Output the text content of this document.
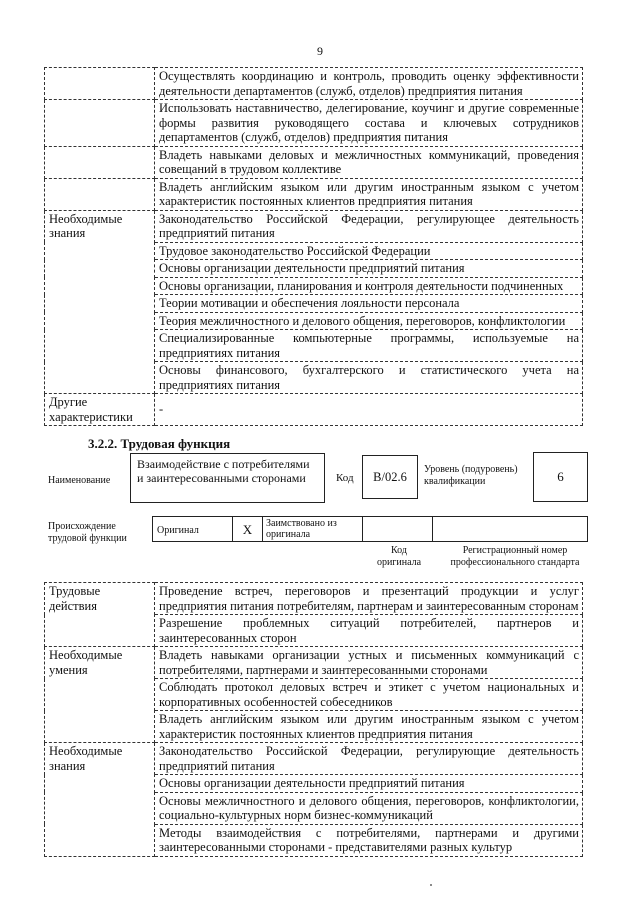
9
	Осуществлять координацию и контроль, проводить оценку эффективности деятельности департаментов (служб, отделов) предприятия питания
	Использовать наставничество, делегирование, коучинг и другие современные формы развития руководящего состава и ключевых сотрудников департаментов (служб, отделов) предприятия питания
	Владеть навыками деловых и межличностных коммуникаций, проведения совещаний в трудовом коллективе
	Владеть английским языком или другим иностранным языком с учетом характеристик постоянных клиентов предприятия питания
Необходимые знания	Законодательство Российской Федерации, регулирующее деятельность предприятий питания
	Трудовое законодательство Российской Федерации
	Основы организации деятельности предприятий питания
	Основы организации, планирования и контроля деятельности подчиненных
	Теории мотивации и обеспечения лояльности персонала
	Теория межличностного и делового общения, переговоров, конфликтологии
	Специализированные компьютерные программы, используемые на предприятиях питания
	Основы финансового, бухгалтерского и статистического учета на предприятиях питания
Другие характеристики	-
3.2.2. Трудовая функция
Наименование
Взаимодействие с потребителями и заинтересованными сторонами	Код	B/02.6	Уровень (подуровень) квалификации	6
Происхождение трудовой функции
Оригинал	X	Заимствовано из оригинала
Код оригинала
Регистрационный номер профессионального стандарта
Трудовые действия	Проведение встреч, переговоров и презентаций продукции и услуг предприятия питания потребителям, партнерам и заинтересованным сторонам
	Разрешение проблемных ситуаций потребителей, партнеров и заинтересованных сторон
Необходимые умения	Владеть навыками организации устных и письменных коммуникаций с потребителями, партнерами и заинтересованными сторонами
	Соблюдать протокол деловых встреч и этикет с учетом национальных и корпоративных особенностей собеседников
	Владеть английским языком или другим иностранным языком с учетом характеристик постоянных клиентов предприятия питания
Необходимые знания	Законодательство Российской Федерации, регулирующие деятельность предприятий питания
	Основы организации деятельности предприятий питания
	Основы межличностного и делового общения, переговоров, конфликтологии, социально-культурных норм бизнес-коммуникаций
	Методы взаимодействия с потребителями, партнерами и другими заинтересованными сторонами - представителями разных культур
